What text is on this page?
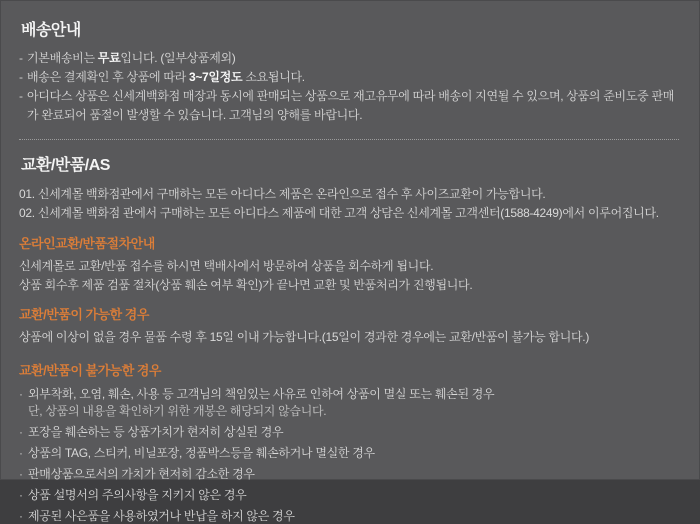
배송안내
- 기본배송비는 무료입니다. (일부상품제외)
- 배송은 결제확인 후 상품에 따라 3~7일정도 소요됩니다.
- 아디다스 상품은 신세계백화점 매장과 동시에 판매되는 상품으로 재고유무에 따라 배송이 지연될 수 있으며, 상품의 준비도중 판매가 완료되어 품절이 발생할 수 있습니다. 고객님의 양해를 바랍니다.
교환/반품/AS

01. 신세계몰 백화점관에서 구매하는 모든 아디다스 제품은 온라인으로 접수 후 사이즈교환이 가능합니다.

02. 신세계몰 백화점 관에서 구매하는 모든 아디다스 제품에 대한 고객 상담은 신세계몰 고객센터(1588-4249)에서 이루어집니다.

온라인교환/반품절차안내

신세계몰로 교환/반품 접수를 하시면 택배사에서 방문하여 상품을 회수하게 됩니다.

상품 회수후 제품 검품 절차(상품 훼손 여부 확인)가 끝나면 교환 및 반품처리가 진행됩니다.

교환/반품이 가능한 경우

상품에 이상이 없을 경우 물품 수령 후 15일 이내 가능합니다.(15일이 경과한 경우에는 교환/반품이 불가능 합니다.)

교환/반품이 불가능한 경우
· 외부착화, 오염, 훼손, 사용 등 고객님의 책임있는 사유로 인하여 상품이 멸실 또는 훼손된 경우
단, 상품의 내용을 확인하기 위한 개봉은 해당되지 않습니다.
· 포장을 훼손하는 등 상품가치가 현저히 상실된 경우
· 상품의 TAG, 스티커, 비닐포장, 정품박스등을 훼손하거나 멸실한 경우
· 판매상품으로서의 가치가 현저히 감소한 경우
· 상품 설명서의 주의사항을 지키지 않은 경우
· 제공된 사은품을 사용하였거나 반납을 하지 않은 경우
